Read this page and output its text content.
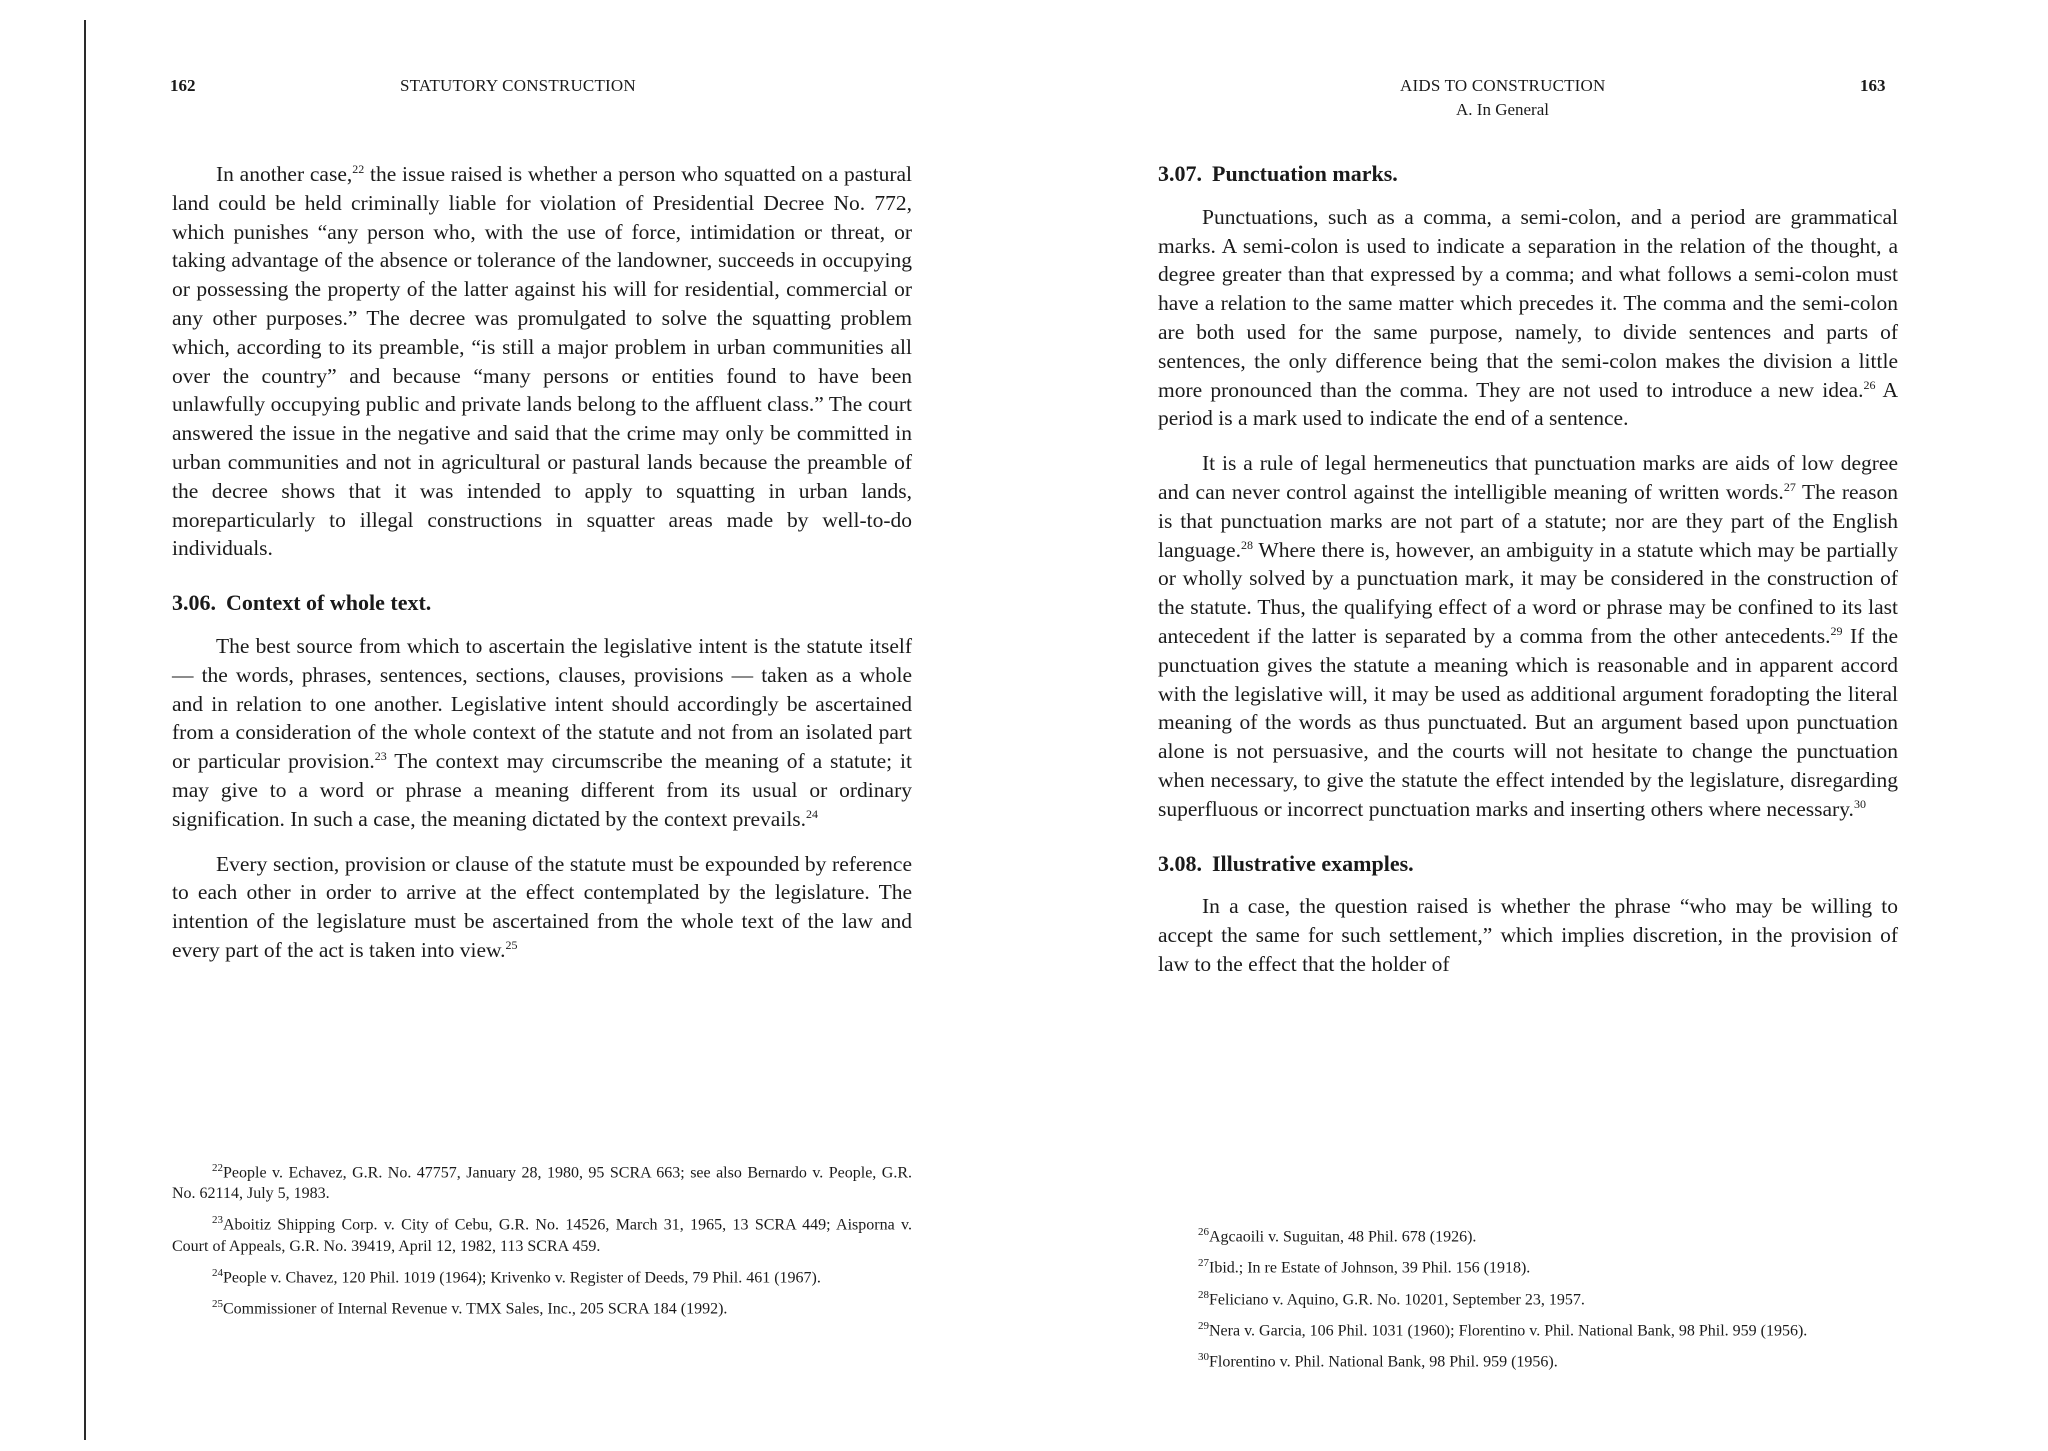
162	STATUTORY CONSTRUCTION

In another case,$^{22}$ the issue raised is whether a person who squatted on a pastural land could be held criminally liable for violation of Presidential Decree No. 772, which punishes “any person who, with the use of force, intimidation or threat, or taking advantage of the absence or tolerance of the landowner, succeeds in occupying or possessing the property of the latter against his will for residential, commercial or any other purposes.” The decree was promulgated to solve the squatting problem which, according to its preamble, “is still a major problem in urban communities all over the country” and because “many persons or entities found to have been unlawfully occupying public and private lands belong to the affluent class.” The court answered the issue in the negative and said that the crime may only be committed in urban communities and not in agricultural or pastural lands because the preamble of the decree shows that it was intended to apply to squatting in urban lands, moreparticularly to illegal constructions in squatter areas made by well-to-do individuals.

3.06. Context of whole text.

The best source from which to ascertain the legislative intent is the statute itself — the words, phrases, sentences, sections, clauses, provisions — taken as a whole and in relation to one another. Legislative intent should accordingly be ascertained from a consideration of the whole context of the statute and not from an isolated part or particular provision.$^{23}$ The context may circumscribe the meaning of a statute; it may give to a word or phrase a meaning different from its usual or ordinary signification. In such a case, the meaning dictated by the context prevails.$^{24}$

Every section, provision or clause of the statute must be expounded by reference to each other in order to arrive at the effect contemplated by the legislature. The intention of the legislature must be ascertained from the whole text of the law and every part of the act is taken into view.$^{25}$

$^{22}$People v. Echavez, G.R. No. 47757, January 28, 1980, 95 SCRA 663; see also Bernardo v. People, G.R. No. 62114, July 5, 1983.

$^{23}$Aboitiz Shipping Corp. v. City of Cebu, G.R. No. 14526, March 31, 1965, 13 SCRA 449; Aisporna v. Court of Appeals, G.R. No. 39419, April 12, 1982, 113 SCRA 459.

$^{24}$People v. Chavez, 120 Phil. 1019 (1964); Krivenko v. Register of Deeds, 79 Phil. 461 (1967).

$^{25}$Commissioner of Internal Revenue v. TMX Sales, Inc., 205 SCRA 184 (1992).

AIDS TO CONSTRUCTION
A. In General
163
3.07. Punctuation marks.

Punctuations, such as a comma, a semi-colon, and a period are grammatical marks. A semi-colon is used to indicate a separation in the relation of the thought, a degree greater than that expressed by a comma; and what follows a semi-colon must have a relation to the same matter which precedes it. The comma and the semi-colon are both used for the same purpose, namely, to divide sentences and parts of sentences, the only difference being that the semi-colon makes the division a little more pronounced than the comma. They are not used to introduce a new idea.$^{26}$ A period is a mark used to indicate the end of a sentence.

It is a rule of legal hermeneutics that punctuation marks are aids of low degree and can never control against the intelligible meaning of written words.$^{27}$ The reason is that punctuation marks are not part of a statute; nor are they part of the English language.$^{28}$ Where there is, however, an ambiguity in a statute which may be partially or wholly solved by a punctuation mark, it may be considered in the construction of the statute. Thus, the qualifying effect of a word or phrase may be confined to its last antecedent if the latter is separated by a comma from the other antecedents.$^{29}$ If the punctuation gives the statute a meaning which is reasonable and in apparent accord with the legislative will, it may be used as additional argument foradopting the literal meaning of the words as thus punctuated. But an argument based upon punctuation alone is not persuasive, and the courts will not hesitate to change the punctuation when necessary, to give the statute the effect intended by the legislature, disregarding superfluous or incorrect punctuation marks and inserting others where necessary.$^{30}$

3.08. Illustrative examples.

In a case, the question raised is whether the phrase “who may be willing to accept the same for such settlement,” which implies discretion, in the provision of law to the effect that the holder of

$^{26}$Agcaoili v. Suguitan, 48 Phil. 678 (1926).

$^{27}$Ibid.; In re Estate of Johnson, 39 Phil. 156 (1918).

$^{28}$Feliciano v. Aquino, G.R. No. 10201, September 23, 1957.

$^{29}$Nera v. Garcia, 106 Phil. 1031 (1960); Florentino v. Phil. National Bank, 98 Phil. 959 (1956).

$^{30}$Florentino v. Phil. National Bank, 98 Phil. 959 (1956).
